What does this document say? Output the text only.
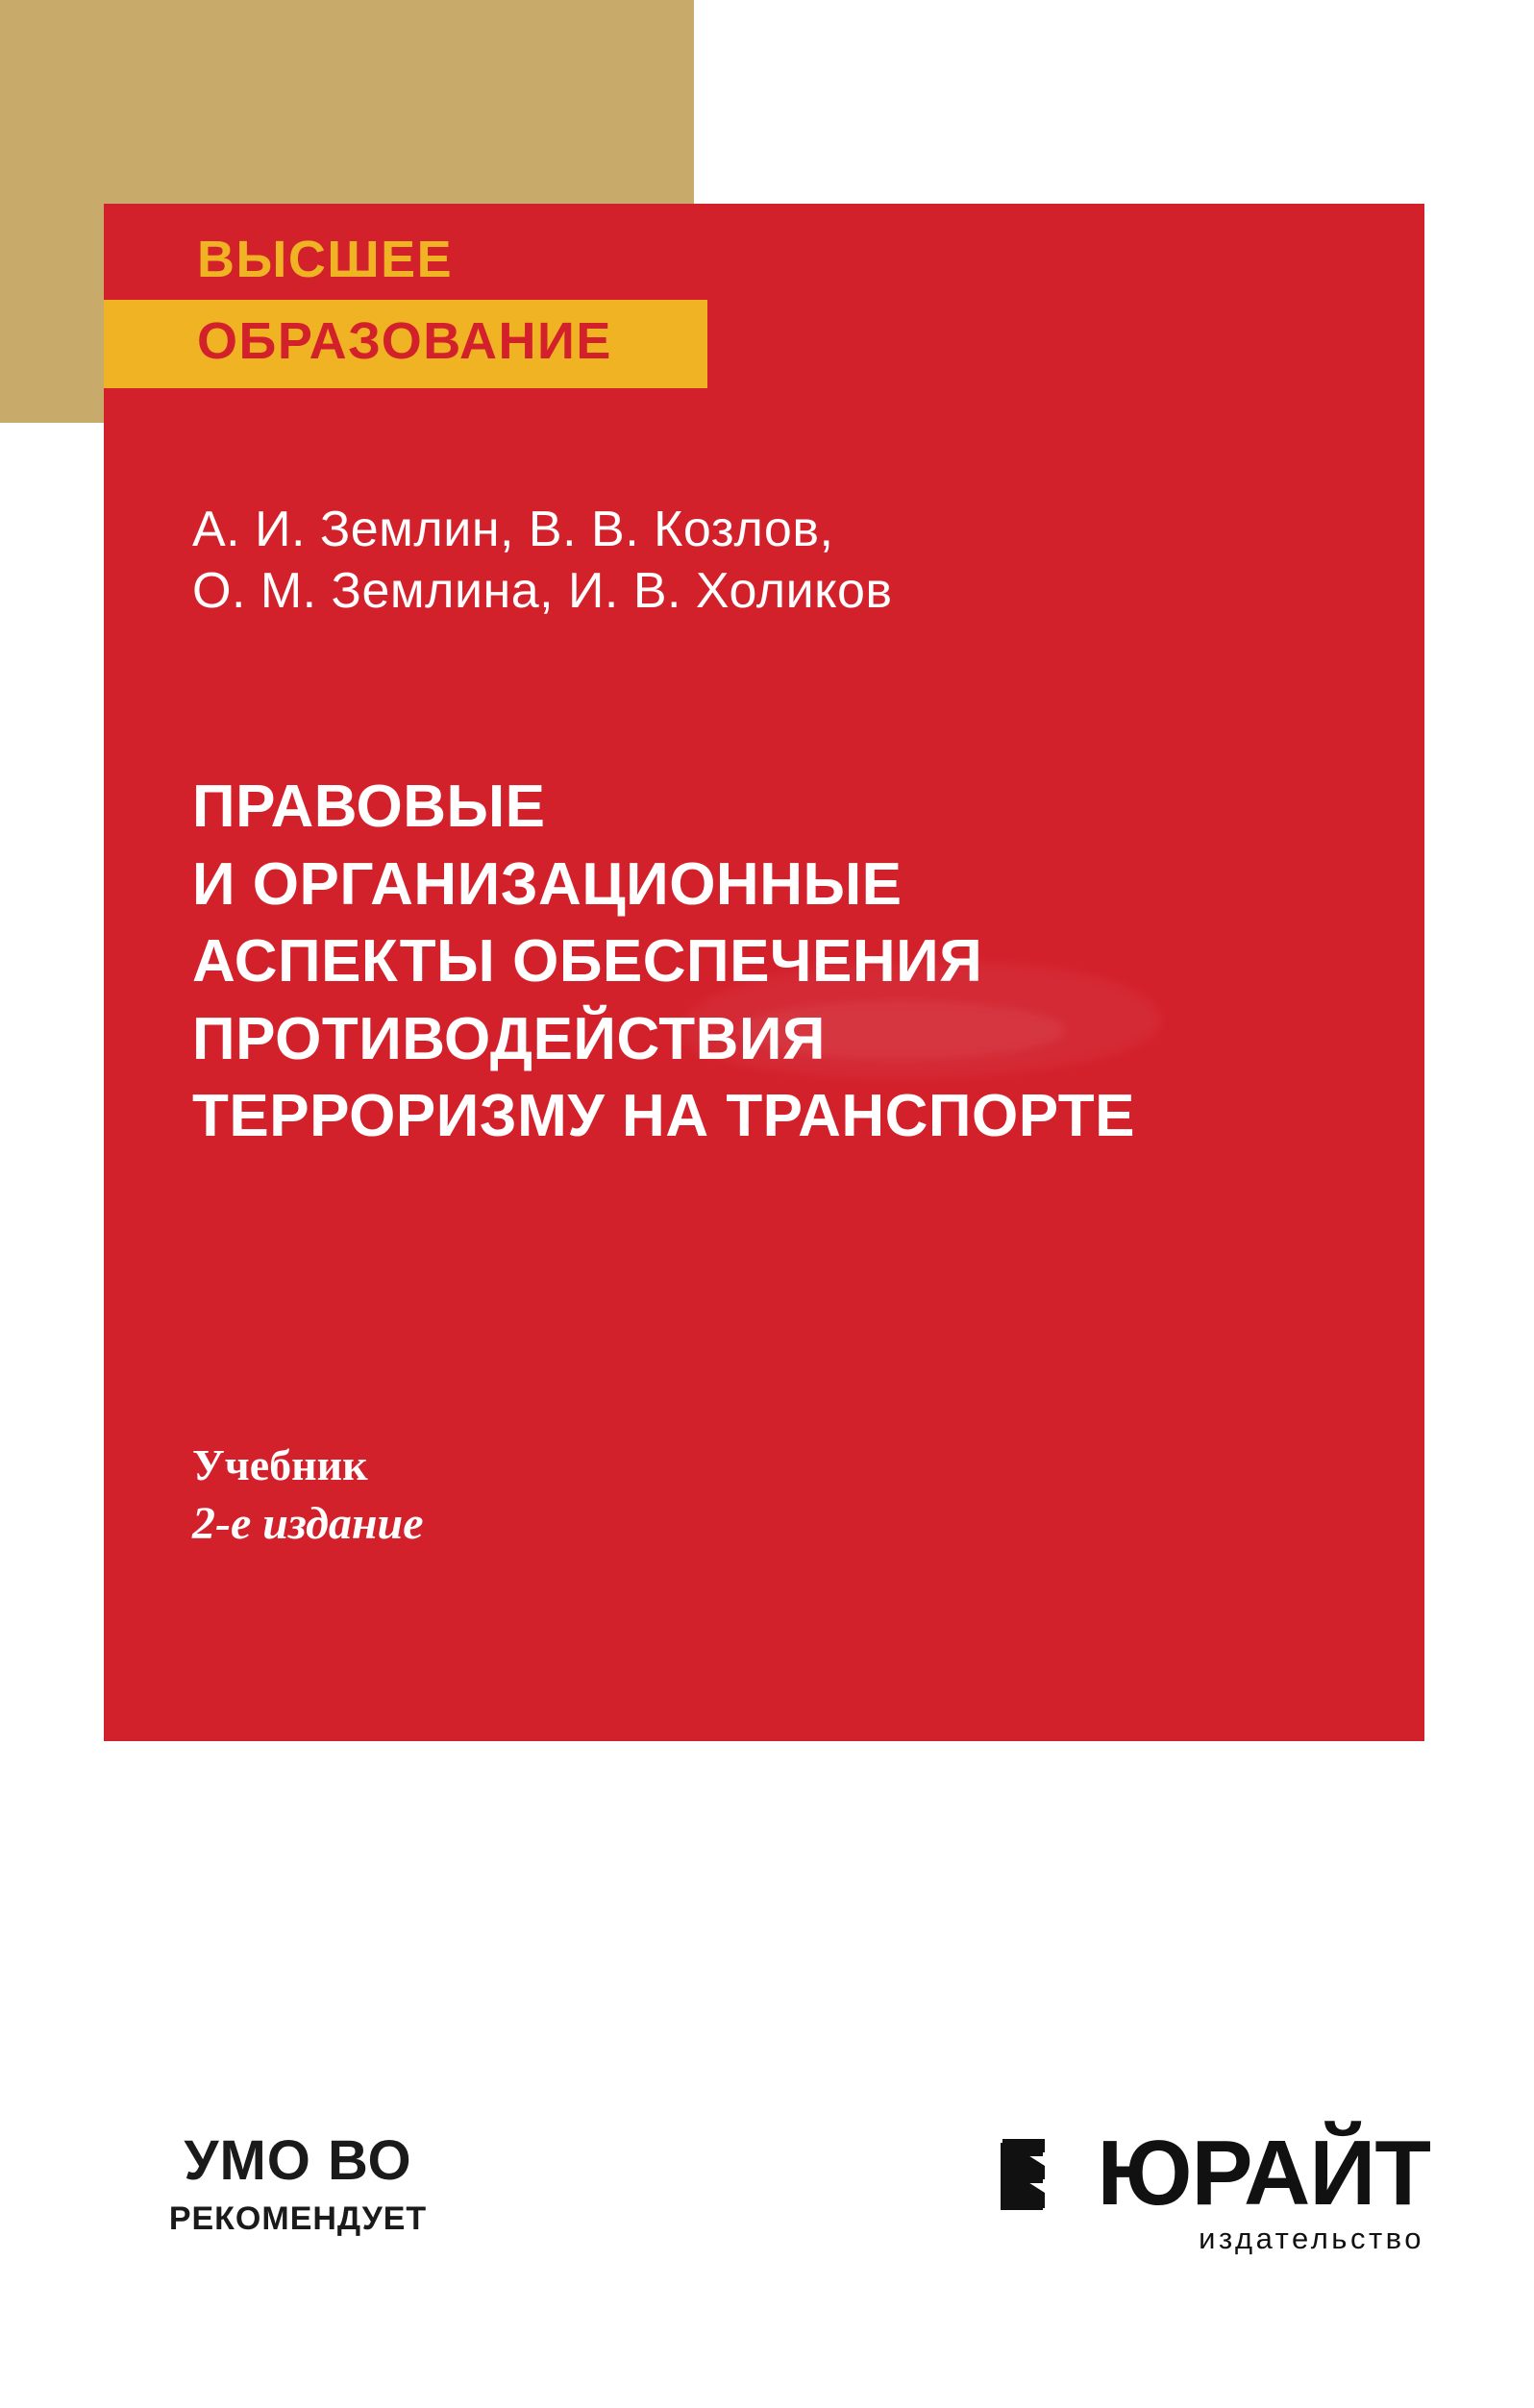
ВЫСШЕЕ
ОБРАЗОВАНИЕ
А. И. Землин, В. В. Козлов,
О. М. Землина, И. В. Холиков
ПРАВОВЫЕ
И ОРГАНИЗАЦИОННЫЕ
АСПЕКТЫ ОБЕСПЕЧЕНИЯ
ПРОТИВОДЕЙСТВИЯ
ТЕРРОРИЗМУ НА ТРАНСПОРТЕ
Учебник
2-е издание
УМО ВО
РЕКОМЕНДУЕТ	ЮРАЙТ
издательство
